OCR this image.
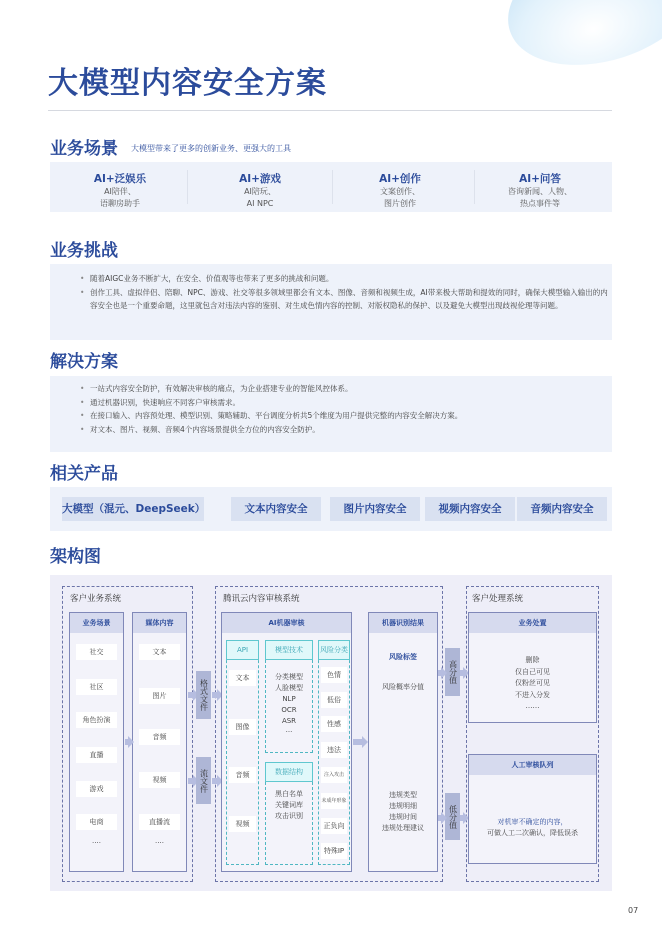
大模型内容安全方案
业务场景 大模型带来了更多的创新业务、更强大的工具
AI+泛娱乐
AI陪伴、
语聊房助手
AI+游戏
AI陪玩、
AI NPC
AI+创作
文案创作、
图片创作
AI+问答
咨询新闻、人物、
热点事件等
业务挑战
• 随着AIGC业务不断扩大，在安全、价值观等也带来了更多的挑战和问题。
• 创作工具、虚拟伴侣、陪聊、NPC、游戏、社交等很多领域里都会有文本、图像、音频和视频生成，AI带来极大帮助和提效的同时，确保大模型输入输出的内容安全也是一个重要命题，这里就包含对违法内容的鉴别、对生成色情内容的控制、对版权隐私的保护、以及避免大模型出现歧视伦理等问题。
解决方案
• 一站式内容安全防护，有效解决审核的痛点，为企业搭建专业的智能风控体系。
• 通过机器识别，快速响应不同客户审核需求。
• 在接口输入、内容预处理、模型识别、策略辅助、平台调度分析共5个维度为用户提供完整的内容安全解决方案。
• 对文本、图片、视频、音频4个内容场景提供全方位的内容安全防护。
相关产品
大模型（混元、DeepSeek）	文本内容安全	图片内容安全	视频内容安全	音频内容安全
架构图
客户业务系统	腾讯云内容审核系统	客户处理系统
业务场景
社交
社区
角色扮演
直播
游戏
电商
····
媒体内容
文本
图片
音频
视频
直播流
····
格式文件
流文件
AI机器审核
API
文本
图像
音频
视频
模型技术
分类模型
人脸模型
NLP
OCR
ASR
···
数据结构
黑白名单
关键词库
攻击识别
风险分类
色情
低俗
性感
违法
注入攻击
未成年形象
正负向
特殊IP
机器识别结果
风险标签
风险概率分值
违规类型
违规明细
违规时间
违规处理建议
高分值
低分值
业务处置
删除
仅自己可见
仅粉丝可见
不进入分发
……
人工审核队列
对机审不确定的内容，
可做人工二次确认，降低误杀
07
